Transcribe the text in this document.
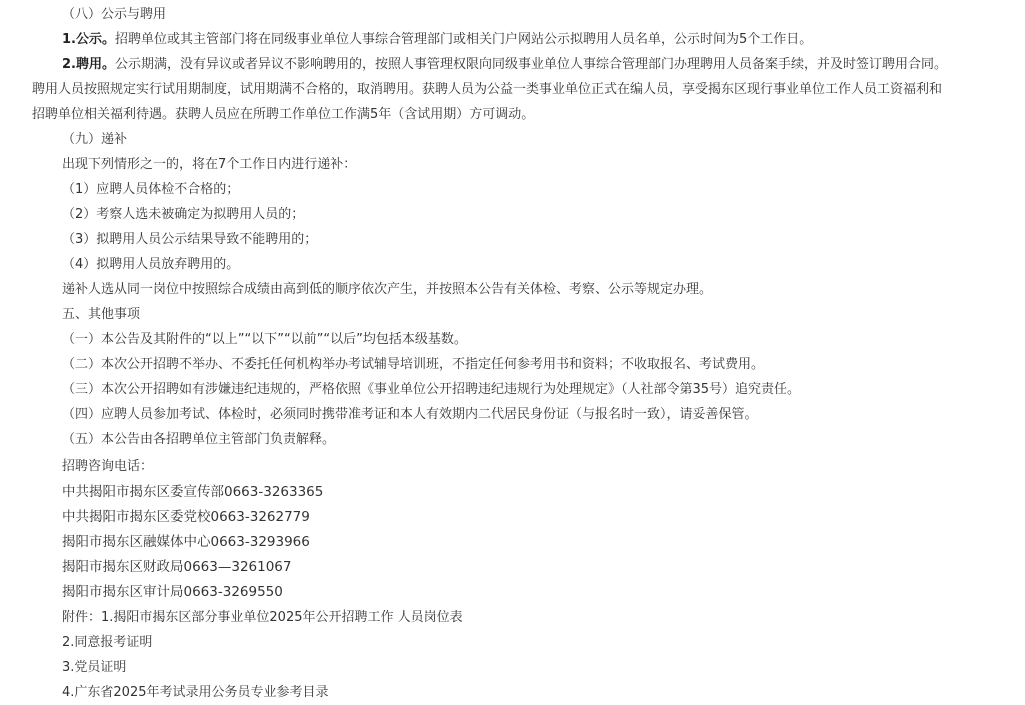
（八）公示与聘用
1.公示。招聘单位或其主管部门将在同级事业单位人事综合管理部门或相关门户网站公示拟聘用人员名单，公示时间为5个工作日。
2.聘用。公示期满，没有异议或者异议不影响聘用的，按照人事管理权限向同级事业单位人事综合管理部门办理聘用人员备案手续，并及时签订聘用合同。
聘用人员按照规定实行试用期制度，试用期满不合格的，取消聘用。获聘人员为公益一类事业单位正式在编人员，享受揭东区现行事业单位工作人员工资福利和
招聘单位相关福利待遇。获聘人员应在所聘工作单位工作满5年（含试用期）方可调动。
（九）递补
出现下列情形之一的，将在7个工作日内进行递补：
（1）应聘人员体检不合格的；
（2）考察人选未被确定为拟聘用人员的；
（3）拟聘用人员公示结果导致不能聘用的；
（4）拟聘用人员放弃聘用的。
递补人选从同一岗位中按照综合成绩由高到低的顺序依次产生，并按照本公告有关体检、考察、公示等规定办理。
五、其他事项
（一）本公告及其附件的“以上”“以下”“以前”“以后”均包括本级基数。
（二）本次公开招聘不举办、不委托任何机构举办考试辅导培训班，不指定任何参考用书和资料；不收取报名、考试费用。
（三）本次公开招聘如有涉嫌违纪违规的，严格依照《事业单位公开招聘违纪违规行为处理规定》（人社部令第35号）追究责任。
（四）应聘人员参加考试、体检时，必须同时携带准考证和本人有效期内二代居民身份证（与报名时一致），请妥善保管。
（五）本公告由各招聘单位主管部门负责解释。
招聘咨询电话：
中共揭阳市揭东区委宣传部0663-3263365
中共揭阳市揭东区委党校0663-3262779
揭阳市揭东区融媒体中心0663-3293966
揭阳市揭东区财政局0663—3261067
揭阳市揭东区审计局0663-3269550
附件：1.揭阳市揭东区部分事业单位2025年公开招聘工作 人员岗位表
2.同意报考证明
3.党员证明
4.广东省2025年考试录用公务员专业参考目录
